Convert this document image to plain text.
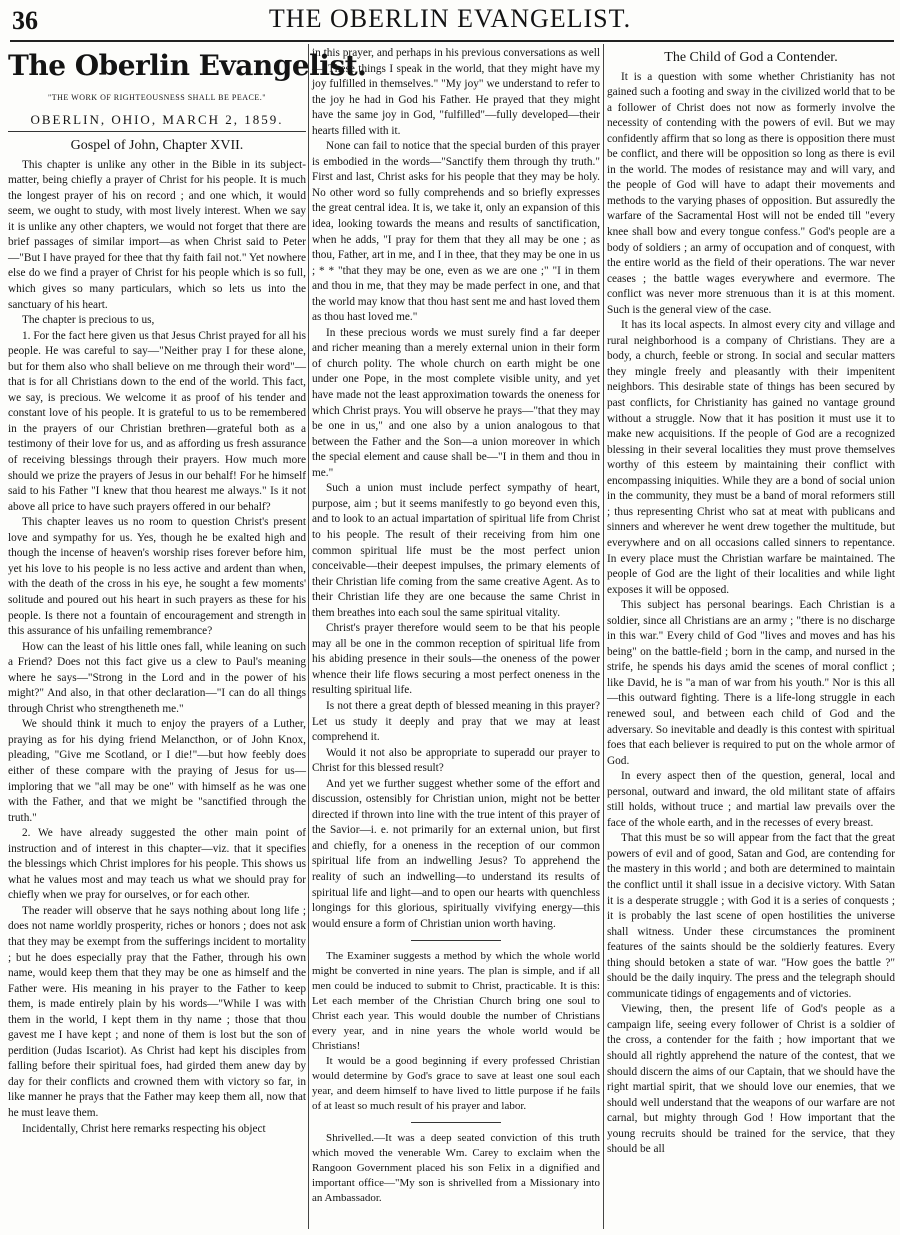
36	THE OBERLIN EVANGELIST.
The Oberlin Evangelist.
"THE WORK OF RIGHTEOUSNESS SHALL BE PEACE."
OBERLIN, OHIO, MARCH 2, 1859.
Gospel of John, Chapter XVII.

This chapter is unlike any other in the Bible in its subject-matter, being chiefly a prayer of Christ for his people. It is much the longest prayer of his on record ; and one which, it would seem, we ought to study, with most lively interest. When we say it is unlike any other chapters, we would not forget that there are brief passages of similar import—as when Christ said to Peter—"But I have prayed for thee that thy faith fail not." Yet nowhere else do we find a prayer of Christ for his people which is so full, which gives so many particulars, which so lets us into the sanctuary of his heart.

The chapter is precious to us,

1. For the fact here given us that Jesus Christ prayed for all his people. He was careful to say—"Neither pray I for these alone, but for them also who shall believe on me through their word"—that is for all Christians down to the end of the world. This fact, we say, is precious. We welcome it as proof of his tender and constant love of his people. It is grateful to us to be remembered in the prayers of our Christian brethren—grateful both as a testimony of their love for us, and as affording us fresh assurance of receiving blessings through their prayers. How much more should we prize the prayers of Jesus in our behalf! For he himself said to his Father "I knew that thou hearest me always." Is it not above all price to have such prayers offered in our behalf?

This chapter leaves us no room to question Christ's present love and sympathy for us. Yes, though he be exalted high and though the incense of heaven's worship rises forever before him, yet his love to his people is no less active and ardent than when, with the death of the cross in his eye, he sought a few moments' solitude and poured out his heart in such prayers as these for his people. Is there not a fountain of encouragement and strength in this assurance of his unfailing remembrance?

How can the least of his little ones fall, while leaning on such a Friend? Does not this fact give us a clew to Paul's meaning where he says—"Strong in the Lord and in the power of his might?" And also, in that other declaration—"I can do all things through Christ who strengtheneth me."

We should think it much to enjoy the prayers of a Luther, praying as for his dying friend Melancthon, or of John Knox, pleading, "Give me Scotland, or I die!"—but how feebly does either of these compare with the praying of Jesus for us—imploring that we "all may be one" with himself as he was one with the Father, and that we might be "sanctified through the truth."

2. We have already suggested the other main point of instruction and of interest in this chapter—viz. that it specifies the blessings which Christ implores for his people. This shows us what he values most and may teach us what we should pray for chiefly when we pray for ourselves, or for each other.

The reader will observe that he says nothing about long life ; does not name worldly prosperity, riches or honors ; does not ask that they may be exempt from the sufferings incident to mortality ; but he does especially pray that the Father, through his own name, would keep them that they may be one as himself and the Father were. His meaning in his prayer to the Father to keep them, is made entirely plain by his words—"While I was with them in the world, I kept them in thy name ; those that thou gavest me I have kept ; and none of them is lost but the son of perdition (Judas Iscariot). As Christ had kept his disciples from falling before their spiritual foes, had girded them anew day by day for their conflicts and crowned them with victory so far, in like manner he prays that the Father may keep them all, now that he must leave them.

Incidentally, Christ here remarks respecting his object

in this prayer, and perhaps in his previous conversations as well—"These things I speak in the world, that they might have my joy fulfilled in themselves." "My joy" we understand to refer to the joy he had in God his Father. He prayed that they might have the same joy in God, "fulfilled"—fully developed—their hearts filled with it.

None can fail to notice that the special burden of this prayer is embodied in the words—"Sanctify them through thy truth." First and last, Christ asks for his people that they may be holy. No other word so fully comprehends and so briefly expresses the great central idea. It is, we take it, only an expansion of this idea, looking towards the means and results of sanctification, when he adds, "I pray for them that they all may be one ; as thou, Father, art in me, and I in thee, that they may be one in us ; * * "that they may be one, even as we are one ;" "I in them and thou in me, that they may be made perfect in one, and that the world may know that thou hast sent me and hast loved them as thou hast loved me."

In these precious words we must surely find a far deeper and richer meaning than a merely external union in their form of church polity. The whole church on earth might be one under one Pope, in the most complete visible unity, and yet have made not the least approximation towards the oneness for which Christ prays. You will observe he prays—"that they may be one in us," and one also by a union analogous to that between the Father and the Son—a union moreover in which the special element and cause shall be—"I in them and thou in me."

Such a union must include perfect sympathy of heart, purpose, aim ; but it seems manifestly to go beyond even this, and to look to an actual impartation of spiritual life from Christ to his people. The result of their receiving from him one common spiritual life must be the most perfect union conceivable—their deepest impulses, the primary elements of their Christian life coming from the same creative Agent. As to their Christian life they are one because the same Christ in them breathes into each soul the same spiritual vitality.

Christ's prayer therefore would seem to be that his people may all be one in the common reception of spiritual life from his abiding presence in their souls—the oneness of the power whence their life flows securing a most perfect oneness in the resulting spiritual life.

Is not there a great depth of blessed meaning in this prayer? Let us study it deeply and pray that we may at least comprehend it.

Would it not also be appropriate to superadd our prayer to Christ for this blessed result?

And yet we further suggest whether some of the effort and discussion, ostensibly for Christian union, might not be better directed if thrown into line with the true intent of this prayer of the Savior—i. e. not primarily for an external union, but first and chiefly, for a oneness in the reception of our common spiritual life from an indwelling Jesus? To apprehend the reality of such an indwelling—to understand its results of spiritual life and light—and to open our hearts with quenchless longings for this glorious, spiritually vivifying energy—this would ensure a form of Christian union worth having.

The Examiner suggests a method by which the whole world might be converted in nine years. The plan is simple, and if all men could be induced to submit to Christ, practicable. It is this: Let each member of the Christian Church bring one soul to Christ each year. This would double the number of Christians every year, and in nine years the whole world would be Christians!

It would be a good beginning if every professed Christian would determine by God's grace to save at least one soul each year, and deem himself to have lived to little purpose if he fails of at least so much result of his prayer and labor.

Shrivelled.—It was a deep seated conviction of this truth which moved the venerable Wm. Carey to exclaim when the Rangoon Government placed his son Felix in a dignified and important office—"My son is shrivelled from a Missionary into an Ambassador.

The Child of God a Contender.

It is a question with some whether Christianity has not gained such a footing and sway in the civilized world that to be a follower of Christ does not now as formerly involve the necessity of contending with the powers of evil. But we may confidently affirm that so long as there is opposition there must be conflict, and there will be opposition so long as there is evil in the world. The modes of resistance may and will vary, and the people of God will have to adapt their movements and methods to the varying phases of opposition. But assuredly the warfare of the Sacramental Host will not be ended till "every knee shall bow and every tongue confess." God's people are a body of soldiers ; an army of occupation and of conquest, with the entire world as the field of their operations. The war never ceases ; the battle wages everywhere and evermore. The conflict was never more strenuous than it is at this moment. Such is the general view of the case.

It has its local aspects. In almost every city and village and rural neighborhood is a company of Christians. They are a body, a church, feeble or strong. In social and secular matters they mingle freely and pleasantly with their impenitent neighbors. This desirable state of things has been secured by past conflicts, for Christianity has gained no vantage ground without a struggle. Now that it has position it must use it to make new acquisitions. If the people of God are a recognized blessing in their several localities they must prove themselves worthy of this esteem by maintaining their conflict with encompassing iniquities. While they are a bond of social union in the community, they must be a band of moral reformers still ; thus representing Christ who sat at meat with publicans and sinners and wherever he went drew together the multitude, but everywhere and on all occasions called sinners to repentance. In every place must the Christian warfare be maintained. The people of God are the light of their localities and while light exposes it will be opposed.

This subject has personal bearings. Each Christian is a soldier, since all Christians are an army ; "there is no discharge in this war." Every child of God "lives and moves and has his being" on the battle-field ; born in the camp, and nursed in the strife, he spends his days amid the scenes of moral conflict ; like David, he is "a man of war from his youth." Nor is this all—this outward fighting. There is a life-long struggle in each renewed soul, and between each child of God and the adversary. So inevitable and deadly is this contest with spiritual foes that each believer is required to put on the whole armor of God.

In every aspect then of the question, general, local and personal, outward and inward, the old militant state of affairs still holds, without truce ; and martial law prevails over the face of the whole earth, and in the recesses of every breast.

That this must be so will appear from the fact that the great powers of evil and of good, Satan and God, are contending for the mastery in this world ; and both are determined to maintain the conflict until it shall issue in a decisive victory. With Satan it is a desperate struggle ; with God it is a series of conquests ; it is probably the last scene of open hostilities the universe shall witness. Under these circumstances the prominent features of the saints should be the soldierly features. Every thing should betoken a state of war. "How goes the battle ?" should be the daily inquiry. The press and the telegraph should communicate tidings of engagements and of victories.

Viewing, then, the present life of God's people as a campaign life, seeing every follower of Christ is a soldier of the cross, a contender for the faith ; how important that we should all rightly apprehend the nature of the contest, that we should discern the aims of our Captain, that we should have the right martial spirit, that we should love our enemies, that we should well understand that the weapons of our warfare are not carnal, but mighty through God ! How important that the young recruits should be trained for the service, that they should be all
